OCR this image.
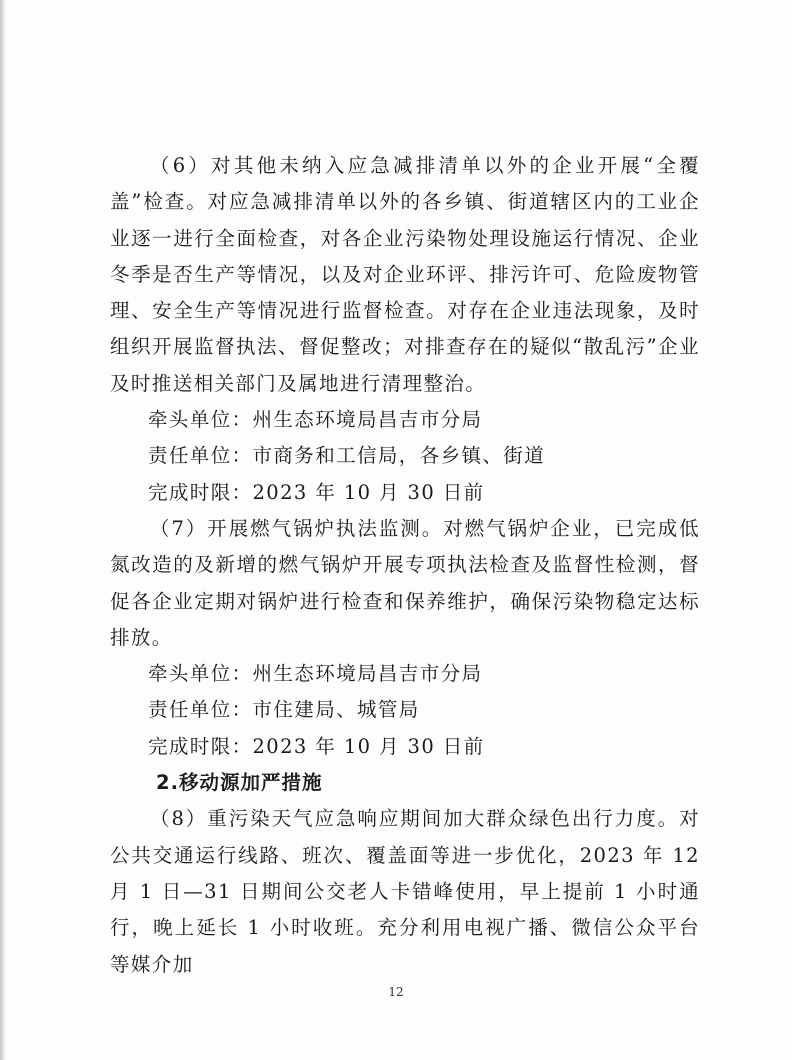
（6）对其他未纳入应急减排清单以外的企业开展“全覆盖”检查。对应急减排清单以外的各乡镇、街道辖区内的工业企业逐一进行全面检查，对各企业污染物处理设施运行情况、企业冬季是否生产等情况，以及对企业环评、排污许可、危险废物管理、安全生产等情况进行监督检查。对存在企业违法现象，及时组织开展监督执法、督促整改；对排查存在的疑似“散乱污”企业及时推送相关部门及属地进行清理整治。

牵头单位：州生态环境局昌吉市分局

责任单位：市商务和工信局，各乡镇、街道

完成时限：2023 年 10 月 30 日前

（7）开展燃气锅炉执法监测。对燃气锅炉企业，已完成低氮改造的及新增的燃气锅炉开展专项执法检查及监督性检测，督促各企业定期对锅炉进行检查和保养维护，确保污染物稳定达标排放。

牵头单位：州生态环境局昌吉市分局

责任单位：市住建局、城管局

完成时限：2023 年 10 月 30 日前

2.移动源加严措施

（8）重污染天气应急响应期间加大群众绿色出行力度。对公共交通运行线路、班次、覆盖面等进一步优化，2023 年 12 月 1 日—31 日期间公交老人卡错峰使用，早上提前 1 小时通行，晚上延长 1 小时收班。充分利用电视广播、微信公众平台等媒介加

12
